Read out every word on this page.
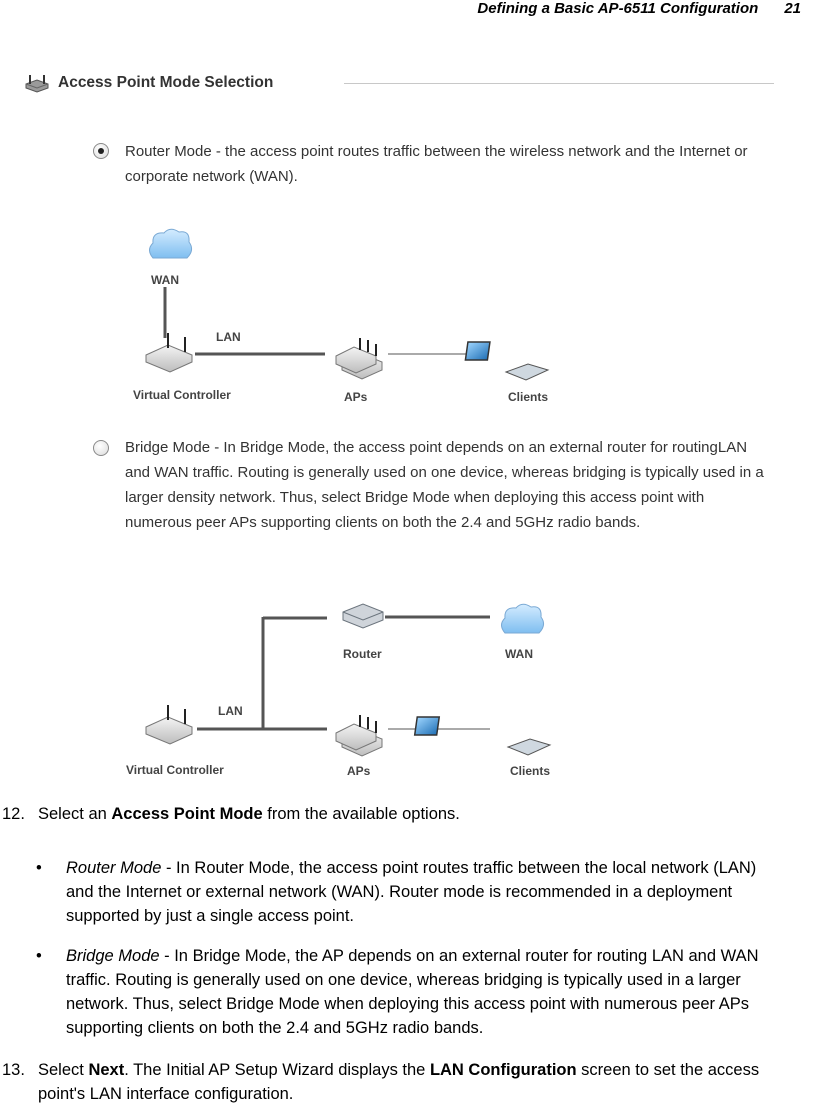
Defining a Basic AP-6511 Configuration 21
Access Point Mode Selection
Router Mode - the access point routes traffic between the wireless network and the Internet or corporate network (WAN).
WAN
LAN
Virtual Controller	APs	Clients
Bridge Mode - In Bridge Mode, the access point depends on an external router for routingLAN and WAN traffic. Routing is generally used on one device, whereas bridging is typically used in a larger density network. Thus, select Bridge Mode when deploying this access point with numerous peer APs supporting clients on both the 2.4 and 5GHz radio bands.
Router	WAN
LAN
Virtual Controller	APs	Clients
12. Select an Access Point Mode from the available options.
• Router Mode - In Router Mode, the access point routes traffic between the local network (LAN) and the Internet or external network (WAN). Router mode is recommended in a deployment supported by just a single access point.
• Bridge Mode - In Bridge Mode, the AP depends on an external router for routing LAN and WAN traffic. Routing is generally used on one device, whereas bridging is typically used in a larger network. Thus, select Bridge Mode when deploying this access point with numerous peer APs supporting clients on both the 2.4 and 5GHz radio bands.
13. Select Next. The Initial AP Setup Wizard displays the LAN Configuration screen to set the access point's LAN interface configuration.
